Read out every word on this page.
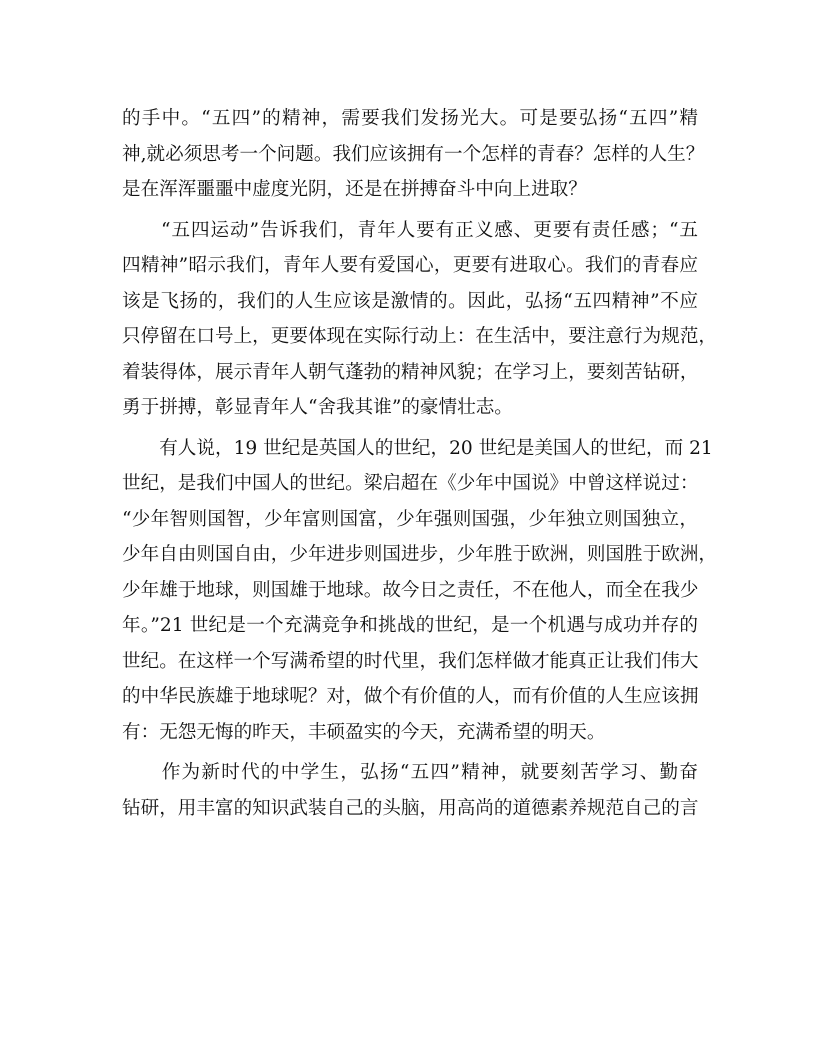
的手中。“五四”的精神，需要我们发扬光大。可是要弘扬“五四”精
神,就必须思考一个问题。我们应该拥有一个怎样的青春？怎样的人生？
是在浑浑噩噩中虚度光阴，还是在拼搏奋斗中向上进取？
　　“五四运动”告诉我们，青年人要有正义感、更要有责任感；“五
四精神”昭示我们，青年人要有爱国心，更要有进取心。我们的青春应
该是飞扬的，我们的人生应该是激情的。因此，弘扬“五四精神”不应
只停留在口号上，更要体现在实际行动上：在生活中，要注意行为规范，
着装得体，展示青年人朝气蓬勃的精神风貌；在学习上，要刻苦钻研，
勇于拼搏，彰显青年人“舍我其谁”的豪情壮志。
　　有人说，19 世纪是英国人的世纪，20 世纪是美国人的世纪，而 21
世纪，是我们中国人的世纪。梁启超在《少年中国说》中曾这样说过：
“少年智则国智，少年富则国富，少年强则国强，少年独立则国独立，
少年自由则国自由，少年进步则国进步，少年胜于欧洲，则国胜于欧洲，
少年雄于地球，则国雄于地球。故今日之责任，不在他人，而全在我少
年。”21 世纪是一个充满竞争和挑战的世纪，是一个机遇与成功并存的
世纪。在这样一个写满希望的时代里，我们怎样做才能真正让我们伟大
的中华民族雄于地球呢？对，做个有价值的人，而有价值的人生应该拥
有：无怨无悔的昨天，丰硕盈实的今天，充满希望的明天。
　　作为新时代的中学生，弘扬“五四”精神，就要刻苦学习、勤奋
钻研，用丰富的知识武装自己的头脑，用高尚的道德素养规范自己的言
